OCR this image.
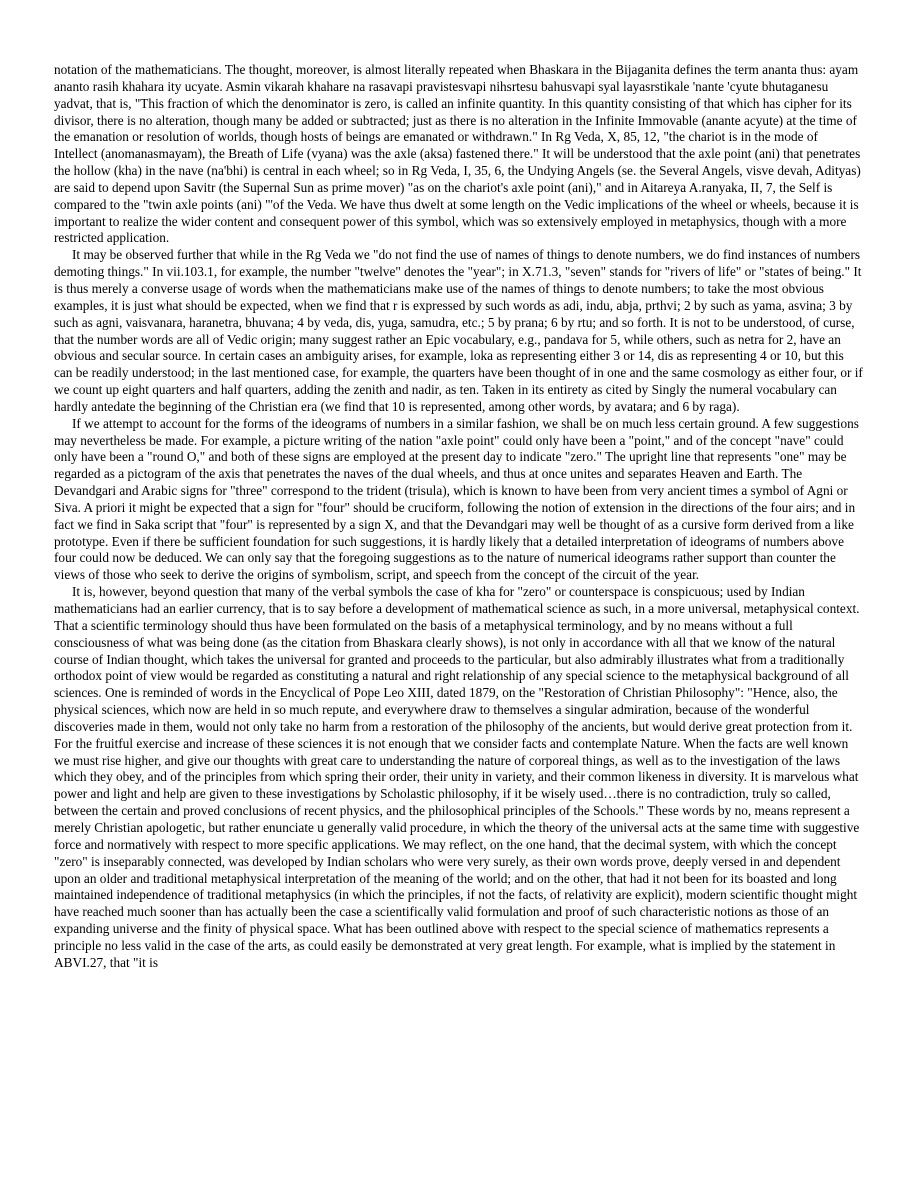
notation of the mathematicians. The thought, moreover, is almost literally repeated when Bhaskara in the Bijaganita defines the term ananta thus: ayam ananto rasih khahara ity ucyate. Asmin vikarah khahare na rasavapi pravistesvapi nihsrtesu bahusvapi syal layasrstikale 'nante 'cyute bhutaganesu yadvat, that is, "This fraction of which the denominator is zero, is called an infinite quantity. In this quantity consisting of that which has cipher for its divisor, there is no alteration, though many be added or subtracted; just as there is no alteration in the Infinite Immovable (anante acyute) at the time of the emanation or resolution of worlds, though hosts of beings are emanated or withdrawn." In Rg Veda, X, 85, 12, "the chariot is in the mode of Intellect (anomanasmayam), the Breath of Life (vyana) was the axle (aksa) fastened there." It will be understood that the axle point (ani) that penetrates the hollow (kha) in the nave (na'bhi) is central in each wheel; so in Rg Veda, I, 35, 6, the Undying Angels (se. the Several Angels, visve devah, Adityas) are said to depend upon Savitr (the Supernal Sun as prime mover) "as on the chariot's axle point (ani)," and in Aitareya A.ranyaka, II, 7, the Self is compared to the "twin axle points (ani) "'of the Veda. We have thus dwelt at some length on the Vedic implications of the wheel or wheels, because it is important to realize the wider content and consequent power of this symbol, which was so extensively employed in metaphysics, though with a more restricted application.

It may be observed further that while in the Rg Veda we "do not find the use of names of things to denote numbers, we do find instances of numbers demoting things." In vii.103.1, for example, the number "twelve" denotes the "year"; in X.71.3, "seven" stands for "rivers of life" or "states of being." It is thus merely a converse usage of words when the mathematicians make use of the names of things to denote numbers; to take the most obvious examples, it is just what should be expected, when we find that r is expressed by such words as adi, indu, abja, prthvi; 2 by such as yama, asvina; 3 by such as agni, vaisvanara, haranetra, bhuvana; 4 by veda, dis, yuga, samudra, etc.; 5 by prana; 6 by rtu; and so forth. It is not to be understood, of curse, that the number words are all of Vedic origin; many suggest rather an Epic vocabulary, e.g., pandava for 5, while others, such as netra for 2, have an obvious and secular source. In certain cases an ambiguity arises, for example, loka as representing either 3 or 14, dis as representing 4 or 10, but this can be readily understood; in the last mentioned case, for example, the quarters have been thought of in one and the same cosmology as either four, or if we count up eight quarters and half quarters, adding the zenith and nadir, as ten. Taken in its entirety as cited by Singly the numeral vocabulary can hardly antedate the beginning of the Christian era (we find that 10 is represented, among other words, by avatara; and 6 by raga).

If we attempt to account for the forms of the ideograms of numbers in a similar fashion, we shall be on much less certain ground. A few suggestions may nevertheless be made. For example, a picture writing of the nation "axle point" could only have been a "point," and of the concept "nave" could only have been a "round O," and both of these signs are employed at the present day to indicate "zero." The upright line that represents "one" may be regarded as a pictogram of the axis that penetrates the naves of the dual wheels, and thus at once unites and separates Heaven and Earth. The Devandgari and Arabic signs for "three" correspond to the trident (trisula), which is known to have been from very ancient times a symbol of Agni or Siva. A priori it might be expected that a sign for "four" should be cruciform, following the notion of extension in the directions of the four airs; and in fact we find in Saka script that "four" is represented by a sign X, and that the Devandgari may well be thought of as a cursive form derived from a like prototype. Even if there be sufficient foundation for such suggestions, it is hardly likely that a detailed interpretation of ideograms of numbers above four could now be deduced. We can only say that the foregoing suggestions as to the nature of numerical ideograms rather support than counter the views of those who seek to derive the origins of symbolism, script, and speech from the concept of the circuit of the year.

It is, however, beyond question that many of the verbal symbols the case of kha for "zero" or counterspace is conspicuous; used by Indian mathematicians had an earlier currency, that is to say before a development of mathematical science as such, in a more universal, metaphysical context. That a scientific terminology should thus have been formulated on the basis of a metaphysical terminology, and by no means without a full consciousness of what was being done (as the citation from Bhaskara clearly shows), is not only in accordance with all that we know of the natural course of Indian thought, which takes the universal for granted and proceeds to the particular, but also admirably illustrates what from a traditionally orthodox point of view would be regarded as constituting a natural and right relationship of any special science to the metaphysical background of all sciences. One is reminded of words in the Encyclical of Pope Leo XIII, dated 1879, on the "Restoration of Christian Philosophy": "Hence, also, the physical sciences, which now are held in so much repute, and everywhere draw to themselves a singular admiration, because of the wonderful discoveries made in them, would not only take no harm from a restoration of the philosophy of the ancients, but would derive great protection from it. For the fruitful exercise and increase of these sciences it is not enough that we consider facts and contemplate Nature. When the facts are well known we must rise higher, and give our thoughts with great care to understanding the nature of corporeal things, as well as to the investigation of the laws which they obey, and of the principles from which spring their order, their unity in variety, and their common likeness in diversity. It is marvelous what power and light and help are given to these investigations by Scholastic philosophy, if it be wisely used…there is no contradiction, truly so called, between the certain and proved conclusions of recent physics, and the philosophical principles of the Schools." These words by no, means represent a merely Christian apologetic, but rather enunciate u generally valid procedure, in which the theory of the universal acts at the same time with suggestive force and normatively with respect to more specific applications. We may reflect, on the one hand, that the decimal system, with which the concept "zero" is inseparably connected, was developed by Indian scholars who were very surely, as their own words prove, deeply versed in and dependent upon an older and traditional metaphysical interpretation of the meaning of the world; and on the other, that had it not been for its boasted and long maintained independence of traditional metaphysics (in which the principles, if not the facts, of relativity are explicit), modern scientific thought might have reached much sooner than has actually been the case a scientifically valid formulation and proof of such characteristic notions as those of an expanding universe and the finity of physical space. What has been outlined above with respect to the special science of mathematics represents a principle no less valid in the case of the arts, as could easily be demonstrated at very great length. For example, what is implied by the statement in ABVI.27, that "it is
